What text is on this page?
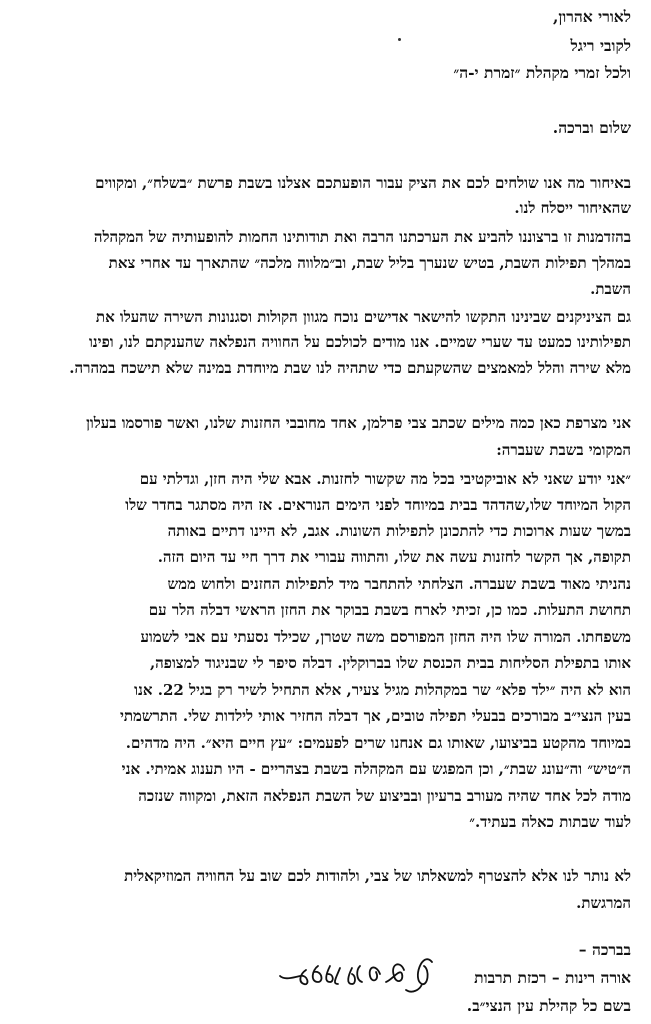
לאורי אהרון,
לקובי ריגל
ולכל זמרי מקהלת ״זמרת י-ה״
שלום וברכה.
באיחור מה אנו שולחים לכם את הציק עבור הופעתכם אצלנו בשבת פרשת ״בשלח״, ומקווים
שהאיחור ייסלח לנו.
בהזדמנות זו ברצוננו להביע את הערכתנו הרבה ואת תודותינו החמות להופעותיה של המקהלה
במהלך תפילות השבת, בטיש שנערך בליל שבת, וב״מלווה מלכה״ שהתארך עד אחרי צאת
השבת.
גם הציניקנים שבינינו התקשו להישאר אדישים נוכח מגוון הקולות וסגנונות השירה שהעלו את
תפילותינו כמעט עד שערי שמיים. אנו מודים לכולכם על החוויה הנפלאה שהענקתם לנו, ופינו
מלא שירה והלל למאמצים שהשקעתם כדי שתהיה לנו שבת מיוחדת במינה שלא תישכח במהרה.
אני מצרפת כאן כמה מילים שכתב צבי פרלמן, אחד מחובבי החזנות שלנו, ואשר פורסמו בעלון
המקומי בשבת שעברה:
״אני יודע שאני לא אוביקטיבי בכל מה שקשור לחזנות. אבא שלי היה חזן, וגדלתי עם
הקול המיוחד שלו,שהדהד בבית במיוחד לפני הימים הנוראים. אז היה מסתגר בחדר שלו
במשך שעות ארוכות כדי להתכונן לתפילות השונות. אגב, לא היינו דתיים באותה
תקופה, אך הקשר לחזנות עשה את שלו, והתווה עבורי את דרך חיי עד היום הזה.
נהניתי מאוד בשבת שעברה. הצלחתי להתחבר מיד לתפילות החזנים ולחוש ממש
תחושת התעלות. כמו כן, זכיתי לארח בשבת בבוקר את החזן הראשי דבלה הלר עם
משפחתו. המורה שלו היה החזן המפורסם משה שטרן, שכילד נסעתי עם אבי לשמוע
אותו בתפילת הסליחות בבית הכנסת שלו בברוקלין. דבלה סיפר לי שבניגוד למצופה,
הוא לא היה ״ילד פלא״ שר במקהלות מגיל צעיר, אלא התחיל לשיר רק בגיל 22. אנו
בעין הנצי״ב מבורכים בבעלי תפילה טובים, אך דבלה החזיר אותי לילדות שלי. התרשמתי
במיוחד מהקטע בביצועו, שאותו גם אנחנו שרים לפעמים: ״עץ חיים היא״. היה מדהים.
ה״טיש״ וה״עונג שבת״, וכן המפגש עם המקהלה בשבת בצהריים - היו תענוג אמיתי. אני
מודה לכל אחד שהיה מעורב ברעיון ובביצוע של השבת הנפלאה הזאת, ומקווה שנזכה
לעוד שבתות כאלה בעתיד.״
לא נותר לנו אלא להצטרף למשאלתו של צבי, ולהודות לכם שוב על החוויה המוזיקאלית
המרגשת.
בברכה –
אורה רינות – רכזת תרבות
בשם כל קהילת עין הנצי״ב.
